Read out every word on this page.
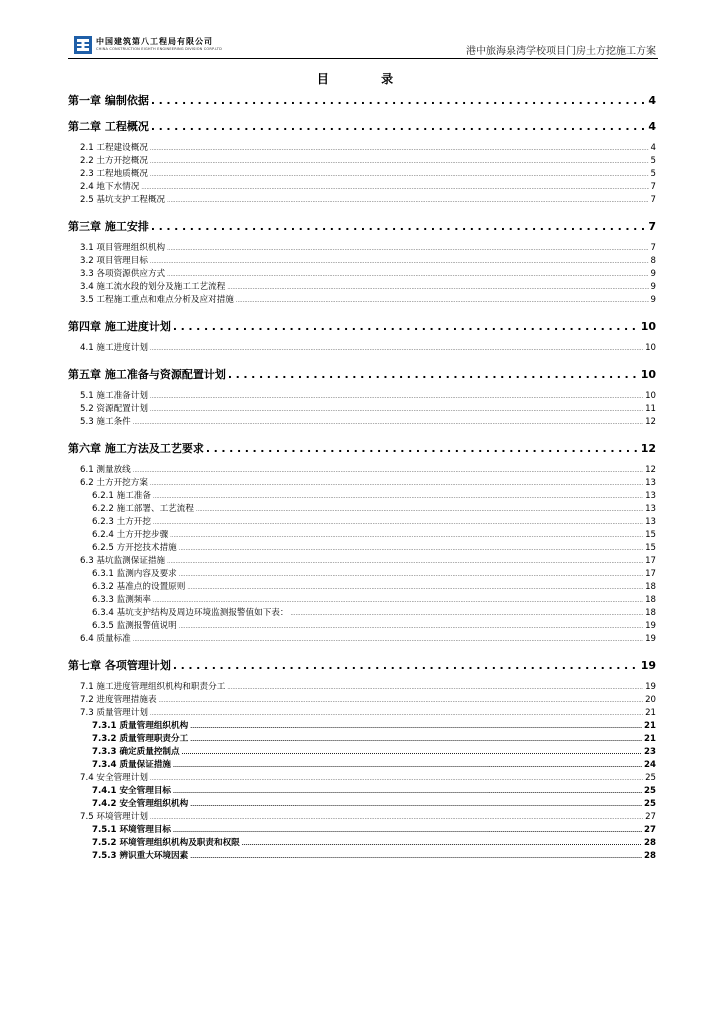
中国建筑第八工程局有限公司
CHINA CONSTRUCTION EIGHTH ENGINEERING DIVISION CORP.LTD	港中旅海泉湾学校项目门房土方挖施工方案
目 录
第一章 编制依据 .....	4
第二章 工程概况 .....	4
2.1 工程建设概况 .....	4
2.2 土方开挖概况 .....	5
2.3 工程地质概况 .....	5
2.4 地下水情况 .....	7
2.5 基坑支护工程概况 .....	7
第三章 施工安排 .....	7
3.1 项目管理组织机构 .....	7
3.2 项目管理目标 .....	8
3.3 各项资源供应方式 .....	9
3.4 施工流水段的划分及施工工艺流程 .....	9
3.5 工程施工重点和难点分析及应对措施 .....	9
第四章 施工进度计划 .....	10
4.1 施工进度计划 .....	10
第五章 施工准备与资源配置计划 .....	10
5.1 施工准备计划 .....	10
5.2 资源配置计划 .....	11
5.3 施工条件 .....	12
第六章 施工方法及工艺要求 .....	12
6.1 测量放线 .....	12
6.2 土方开挖方案 .....	13
6.2.1 施工准备 .....	13
6.2.2 施工部署、工艺流程 .....	13
6.2.3 土方开挖 .....	13
6.2.4 土方开挖步骤 .....	15
6.2.5 方开挖技术措施 .....	15
6.3 基坑监测保证措施 .....	17
6.3.1 监测内容及要求 .....	17
6.3.2 基准点的设置原则 .....	18
6.3.3 监测频率 .....	18
6.3.4 基坑支护结构及周边环境监测报警值如下表： .....	18
6.3.5 监测报警值说明 .....	19
6.4 质量标准 .....	19
第七章 各项管理计划 .....	19
7.1 施工进度管理组织机构和职责分工 .....	19
7.2 进度管理措施表 .....	20
7.3 质量管理计划 .....	21
7.3.1 质量管理组织机构 .....	21
7.3.2 质量管理职责分工 .....	21
7.3.3 确定质量控制点 .....	23
7.3.4 质量保证措施 .....	24
7.4 安全管理计划 .....	25
7.4.1 安全管理目标 .....	25
7.4.2 安全管理组织机构 .....	25
7.5 环境管理计划 .....	27
7.5.1 环境管理目标 .....	27
7.5.2 环境管理组织机构及职责和权限 .....	28
7.5.3 辨识重大环境因素 .....	28
